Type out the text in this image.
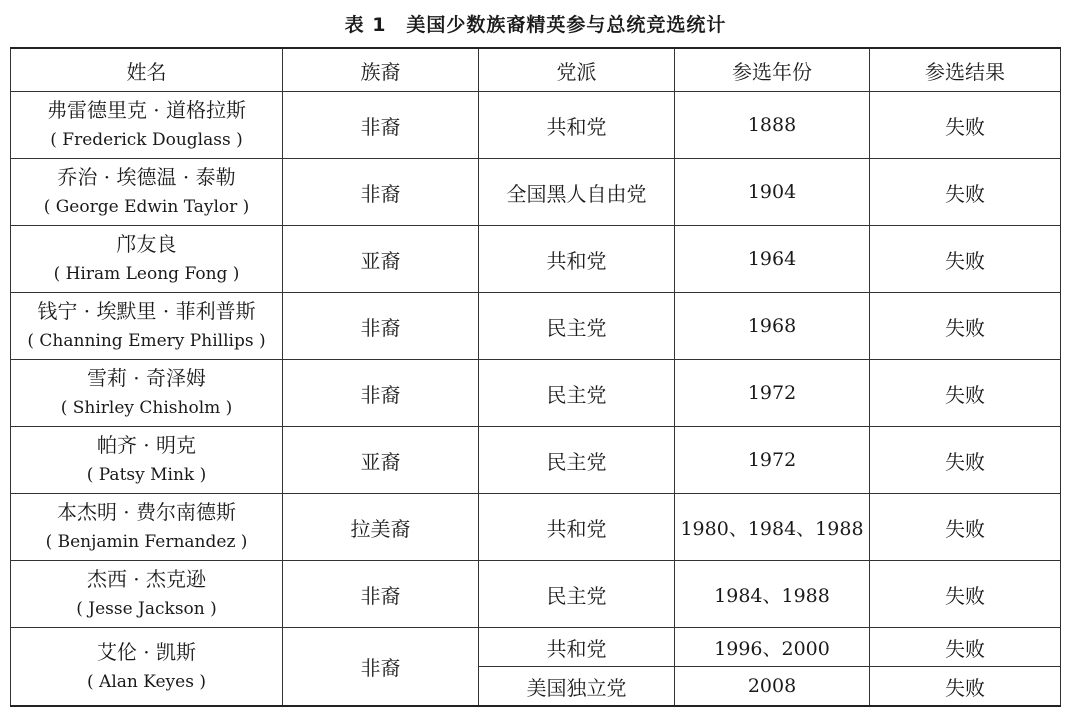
表 1　美国少数族裔精英参与总统竞选统计
姓名	族裔	党派	参选年份	参选结果

弗雷德里克 · 道格拉斯
( Frederick Douglass )	非裔	共和党	1888	失败

乔治 · 埃德温 · 泰勒
( George Edwin Taylor )	非裔	全国黑人自由党	1904	失败

邝友良
( Hiram Leong Fong )	亚裔	共和党	1964	失败

钱宁 · 埃默里 · 菲利普斯
( Channing Emery Phillips )	非裔	民主党	1968	失败

雪莉 · 奇泽姆
( Shirley Chisholm )	非裔	民主党	1972	失败

帕齐 · 明克
( Patsy Mink )	亚裔	民主党	1972	失败

本杰明 · 费尔南德斯
( Benjamin Fernandez )	拉美裔	共和党	1980、1984、1988	失败

杰西 · 杰克逊
( Jesse Jackson )	非裔	民主党	1984、1988	失败

艾伦 · 凯斯
( Alan Keyes )	非裔	共和党	1996、2000	失败
		美国独立党	2008	失败
